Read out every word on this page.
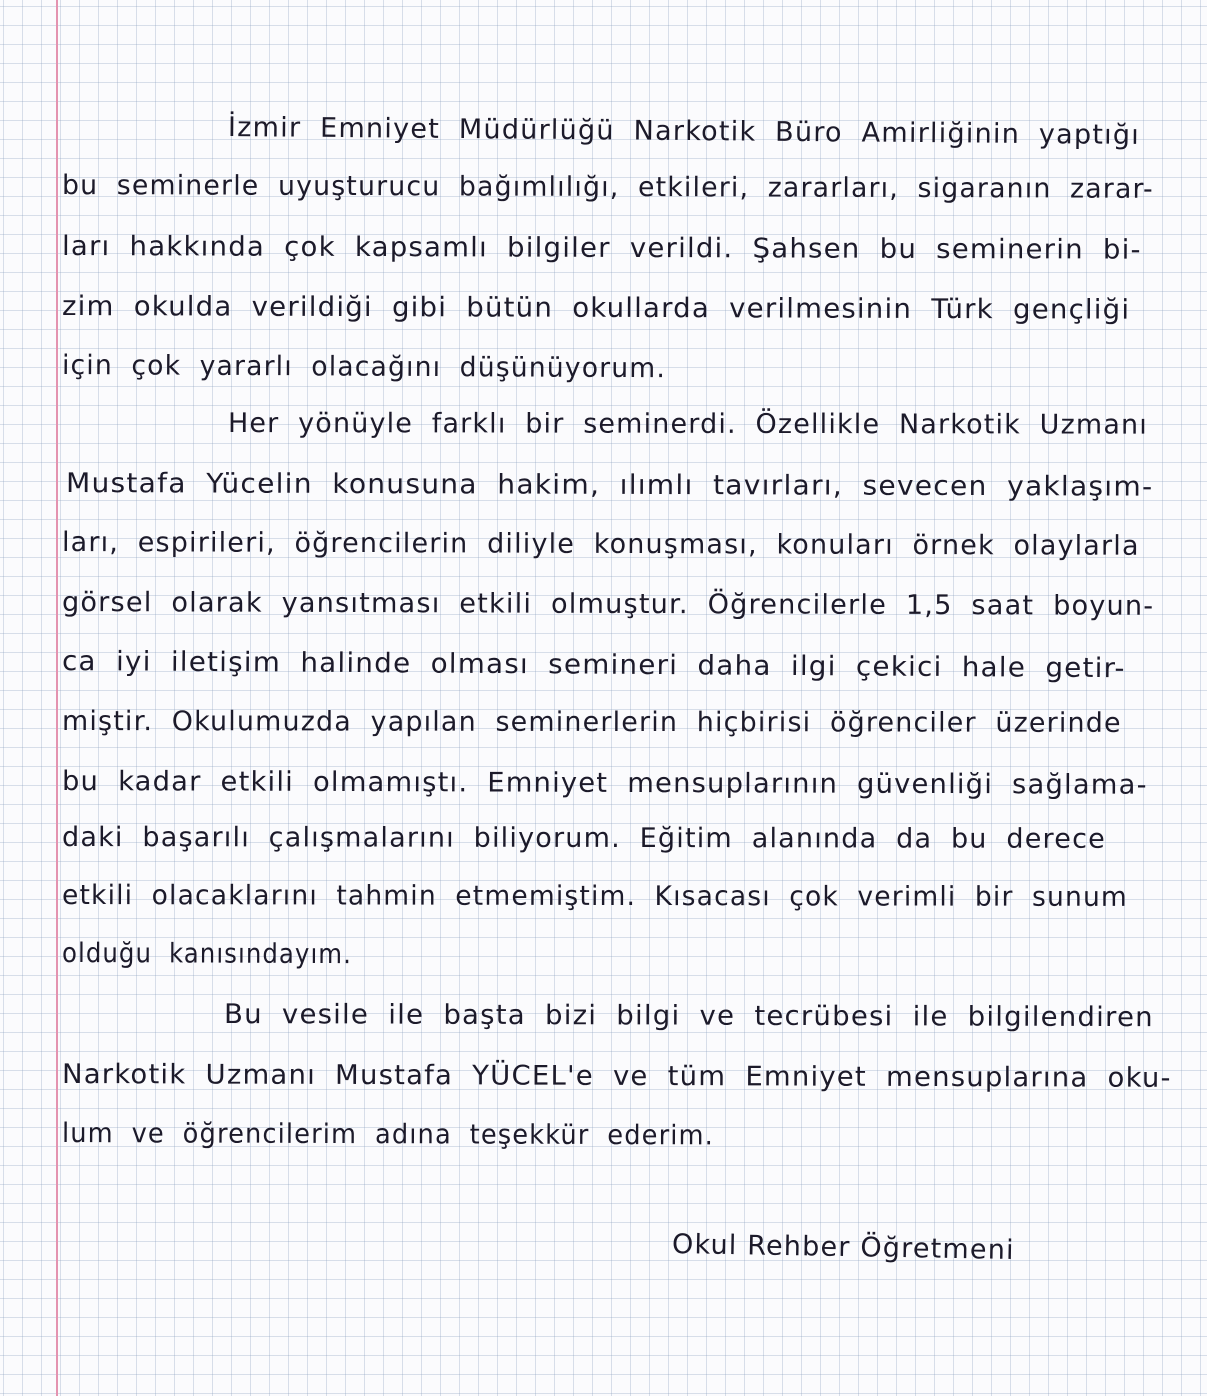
İzmir Emniyet Müdürlüğü Narkotik Büro Amirliğinin yaptığı

bu seminerle uyuşturucu bağımlılığı, etkileri, zararları, sigaranın zarar-

ları hakkında çok kapsamlı bilgiler verildi. Şahsen bu seminerin bi-

zim okulda verildiği gibi bütün okullarda verilmesinin Türk gençliği

için çok yararlı olacağını düşünüyorum.

Her yönüyle farklı bir seminerdi. Özellikle Narkotik Uzmanı

Mustafa Yücelin konusuna hakim, ılımlı tavırları, sevecen yaklaşım-

ları, espirileri, öğrencilerin diliyle konuşması, konuları örnek olaylarla

görsel olarak yansıtması etkili olmuştur. Öğrencilerle 1,5 saat boyun-

ca iyi iletişim halinde olması semineri daha ilgi çekici hale getir-

miştir. Okulumuzda yapılan seminerlerin hiçbirisi öğrenciler üzerinde

bu kadar etkili olmamıştı. Emniyet mensuplarının güvenliği sağlama-

daki başarılı çalışmalarını biliyorum. Eğitim alanında da bu derece

etkili olacaklarını tahmin etmemiştim. Kısacası çok verimli bir sunum

olduğu kanısındayım.

Bu vesile ile başta bizi bilgi ve tecrübesi ile bilgilendiren

Narkotik Uzmanı Mustafa YÜCEL'e ve tüm Emniyet mensuplarına oku-

lum ve öğrencilerim adına teşekkür ederim.

Okul Rehber Öğretmeni
